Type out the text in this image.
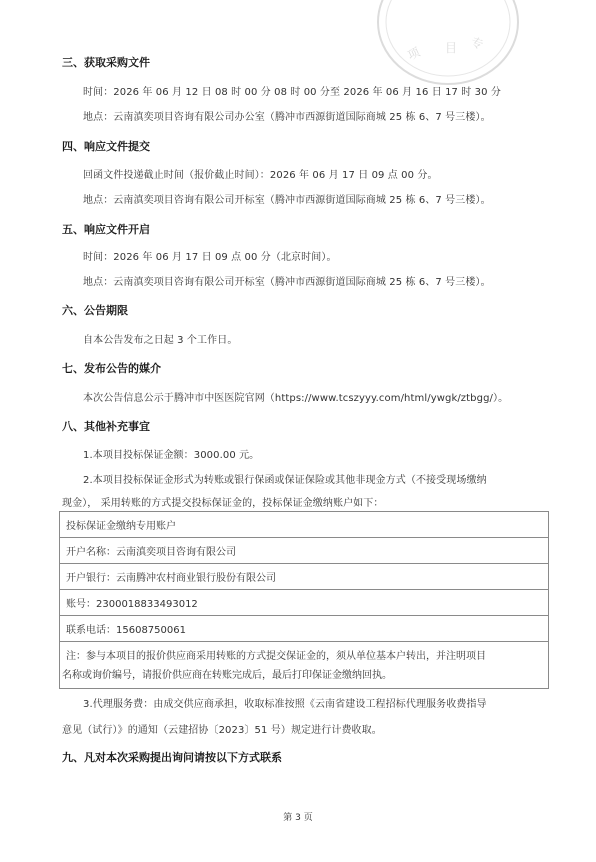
项 目 专
三、获取采购文件
时间：2026 年 06 月 12 日 08 时 00 分 08 时 00 分至 2026 年 06 月 16 日 17 时 30 分
地点：云南滇奕项目咨询有限公司办公室（腾冲市西源街道国际商城 25 栋 6、7 号三楼）。
四、响应文件提交
回函文件投递截止时间（报价截止时间）：2026 年 06 月 17 日 09 点 00 分。
地点：云南滇奕项目咨询有限公司开标室（腾冲市西源街道国际商城 25 栋 6、7 号三楼）。
五、响应文件开启
时间：2026 年 06 月 17 日 09 点 00 分（北京时间）。
地点：云南滇奕项目咨询有限公司开标室（腾冲市西源街道国际商城 25 栋 6、7 号三楼）。
六、公告期限
自本公告发布之日起 3 个工作日。
七、发布公告的媒介
本次公告信息公示于腾冲市中医医院官网（https://www.tcszyyy.com/html/ywgk/ztbgg/）。
八、其他补充事宜
1.本项目投标保证金额：3000.00 元。
2.本项目投标保证金形式为转账或银行保函或保证保险或其他非现金方式（不接受现场缴纳
现金）， 采用转账的方式提交投标保证金的，投标保证金缴纳账户如下：
投标保证金缴纳专用账户
开户名称：云南滇奕项目咨询有限公司
开户银行：云南腾冲农村商业银行股份有限公司
账号：2300018833493012
联系电话：15608750061
注：参与本项目的报价供应商采用转账的方式提交保证金的，须从单位基本户转出，并注明项目
名称或询价编号，请报价供应商在转账完成后，最后打印保证金缴纳回执。
3.代理服务费：由成交供应商承担，收取标准按照《云南省建设工程招标代理服务收费指导
意见（试行）》的通知（云建招协〔2023〕51 号）规定进行计费收取。
九、凡对本次采购提出询问请按以下方式联系
第 3 页
